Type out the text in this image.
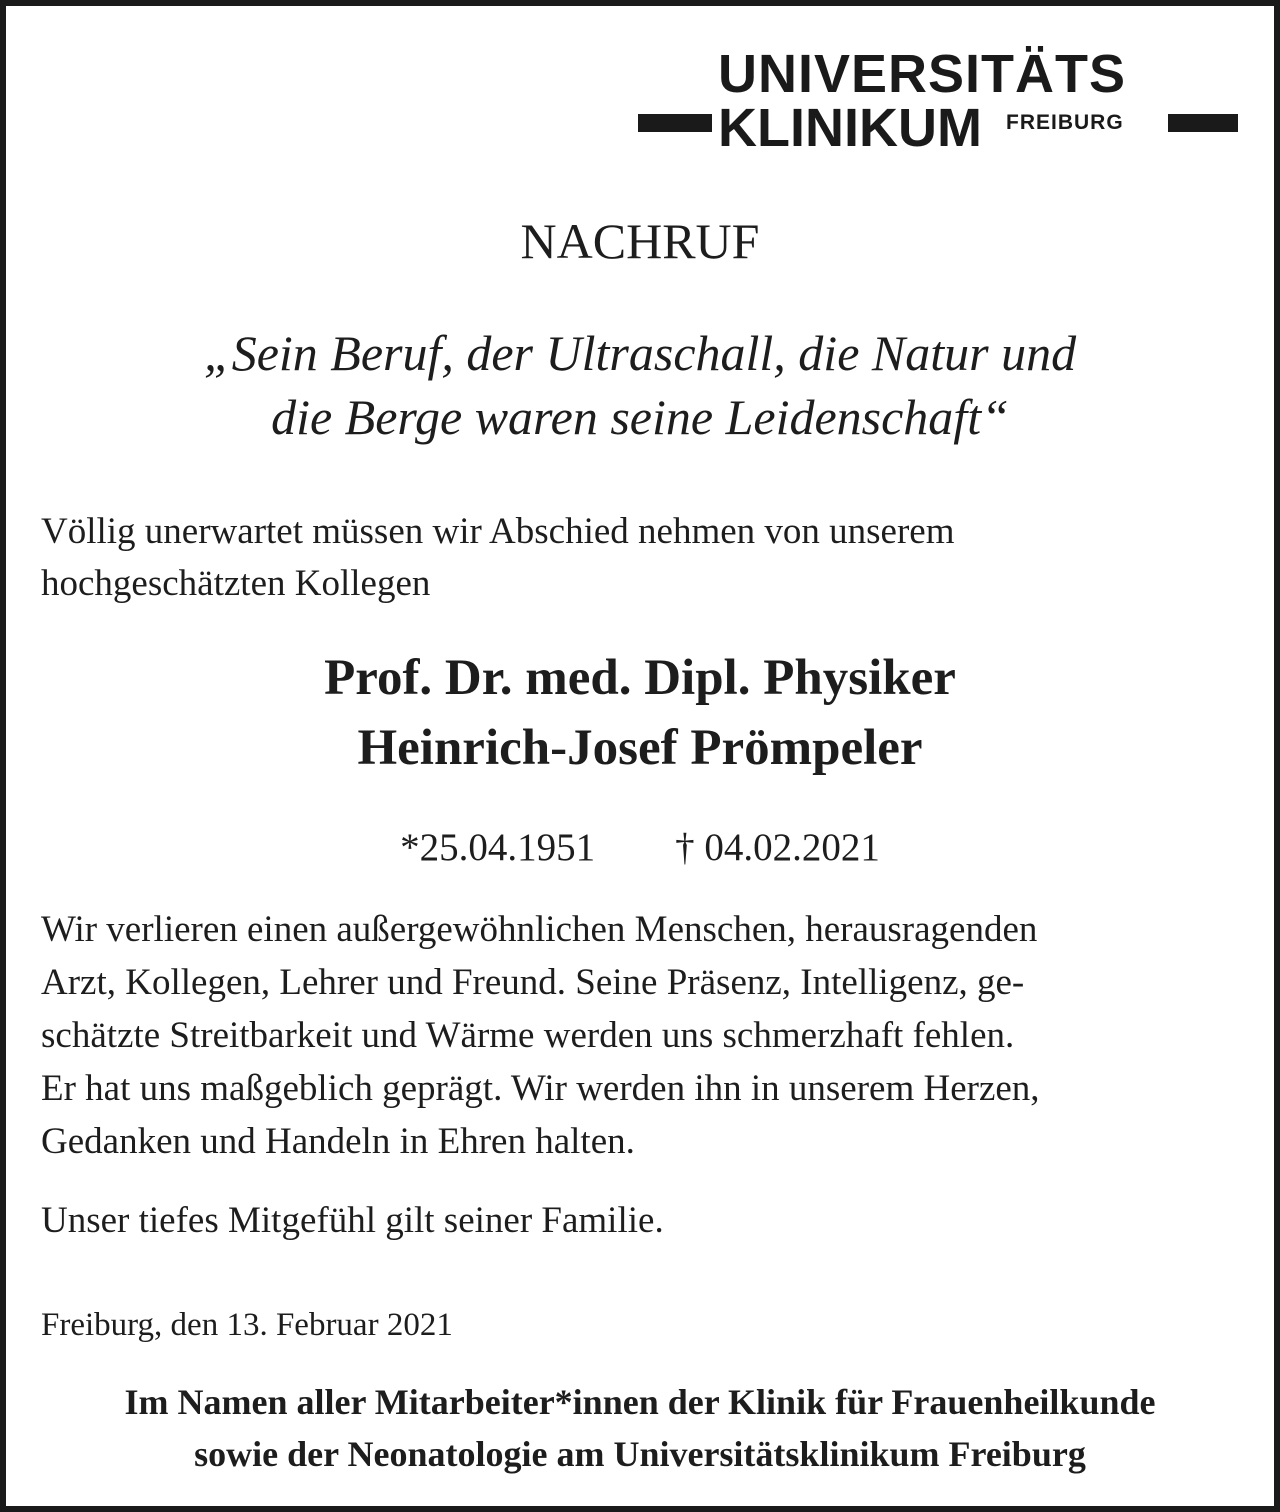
UNIVERSITÄTS
KLINIKUM FREIBURG
NACHRUF
„Sein Beruf, der Ultraschall, die Natur und
die Berge waren seine Leidenschaft“
Völlig unerwartet müssen wir Abschied nehmen von unserem
hochgeschätzten Kollegen
Prof. Dr. med. Dipl. Physiker
Heinrich-Josef Prömpeler
*25.04.1951 † 04.02.2021
Wir verlieren einen außergewöhnlichen Menschen, herausragenden
Arzt, Kollegen, Lehrer und Freund. Seine Präsenz, Intelligenz, ge-
schätzte Streitbarkeit und Wärme werden uns schmerzhaft fehlen.
Er hat uns maßgeblich geprägt. Wir werden ihn in unserem Herzen,
Gedanken und Handeln in Ehren halten.
Unser tiefes Mitgefühl gilt seiner Familie.
Freiburg, den 13. Februar 2021
Im Namen aller Mitarbeiter*innen der Klinik für Frauenheilkunde
sowie der Neonatologie am Universitätsklinikum Freiburg
